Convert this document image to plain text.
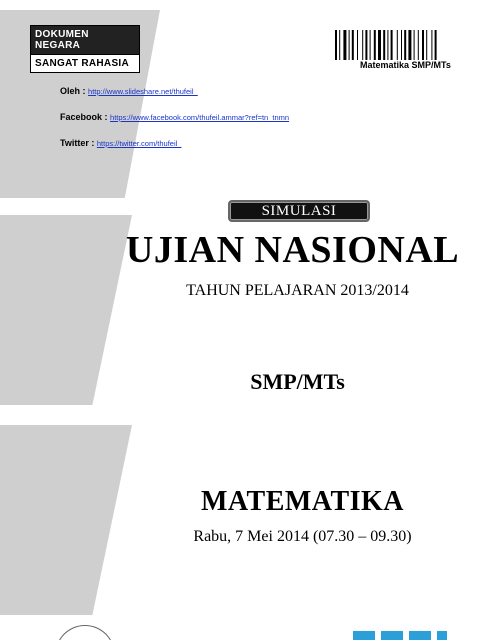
DOKUMEN NEGARA
SANGAT RAHASIA	Matematika SMP/MTs
Oleh : http://www.slideshare.net/thufeil_
Facebook : https://www.facebook.com/thufeil.ammar?ref=tn_tnmn
Twitter : https://twitter.com/thufeil_
SIMULASI
UJIAN NASIONAL
TAHUN PELAJARAN 2013/2014
SMP/MTs
MATEMATIKA
Rabu, 7 Mei 2014 (07.30 – 09.30)
